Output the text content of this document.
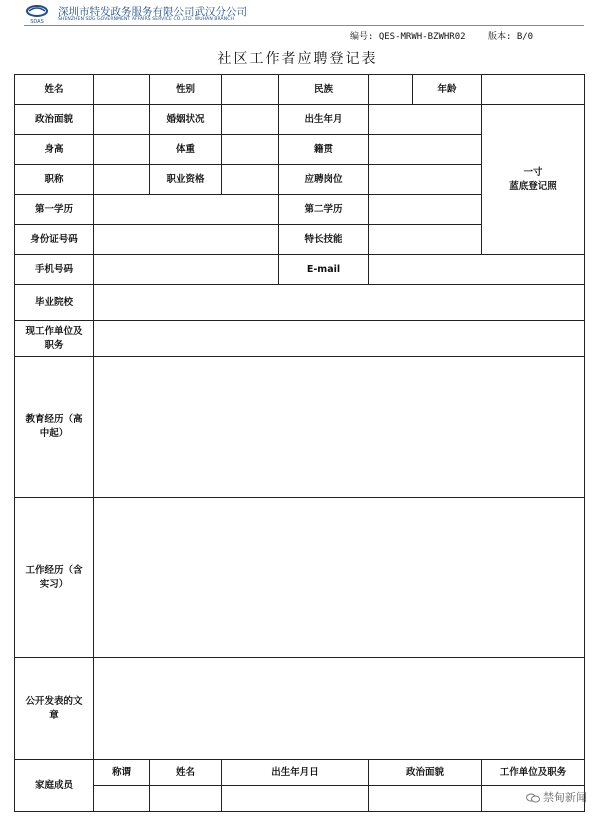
SDAS
深圳市特发政务服务有限公司武汉分公司
SHENZHEN SDG GOVERNMENT AFFAIRS SERVICE CO.,LTD. WUHAN BRANCH
编号: QES-MRWH-BZWHR02 版本: B/0
社区工作者应聘登记表
姓名		性别		民族		年龄	
政治面貌		婚姻状况		出生年月			一寸
蓝底登记照

身高		体重		籍贯			
职称		职业资格		应聘岗位			
第一学历				第二学历			
身份证号码				特长技能			
手机号码				E-mail			
毕业院校							

现工作单位及
职务							

教育经历（高
中起）							

工作经历（含
实习）							

公开发表的文
章							

家庭成员	称谓	姓名	出生年月日		政治面貌		工作单位及职务

禁甸新闻
